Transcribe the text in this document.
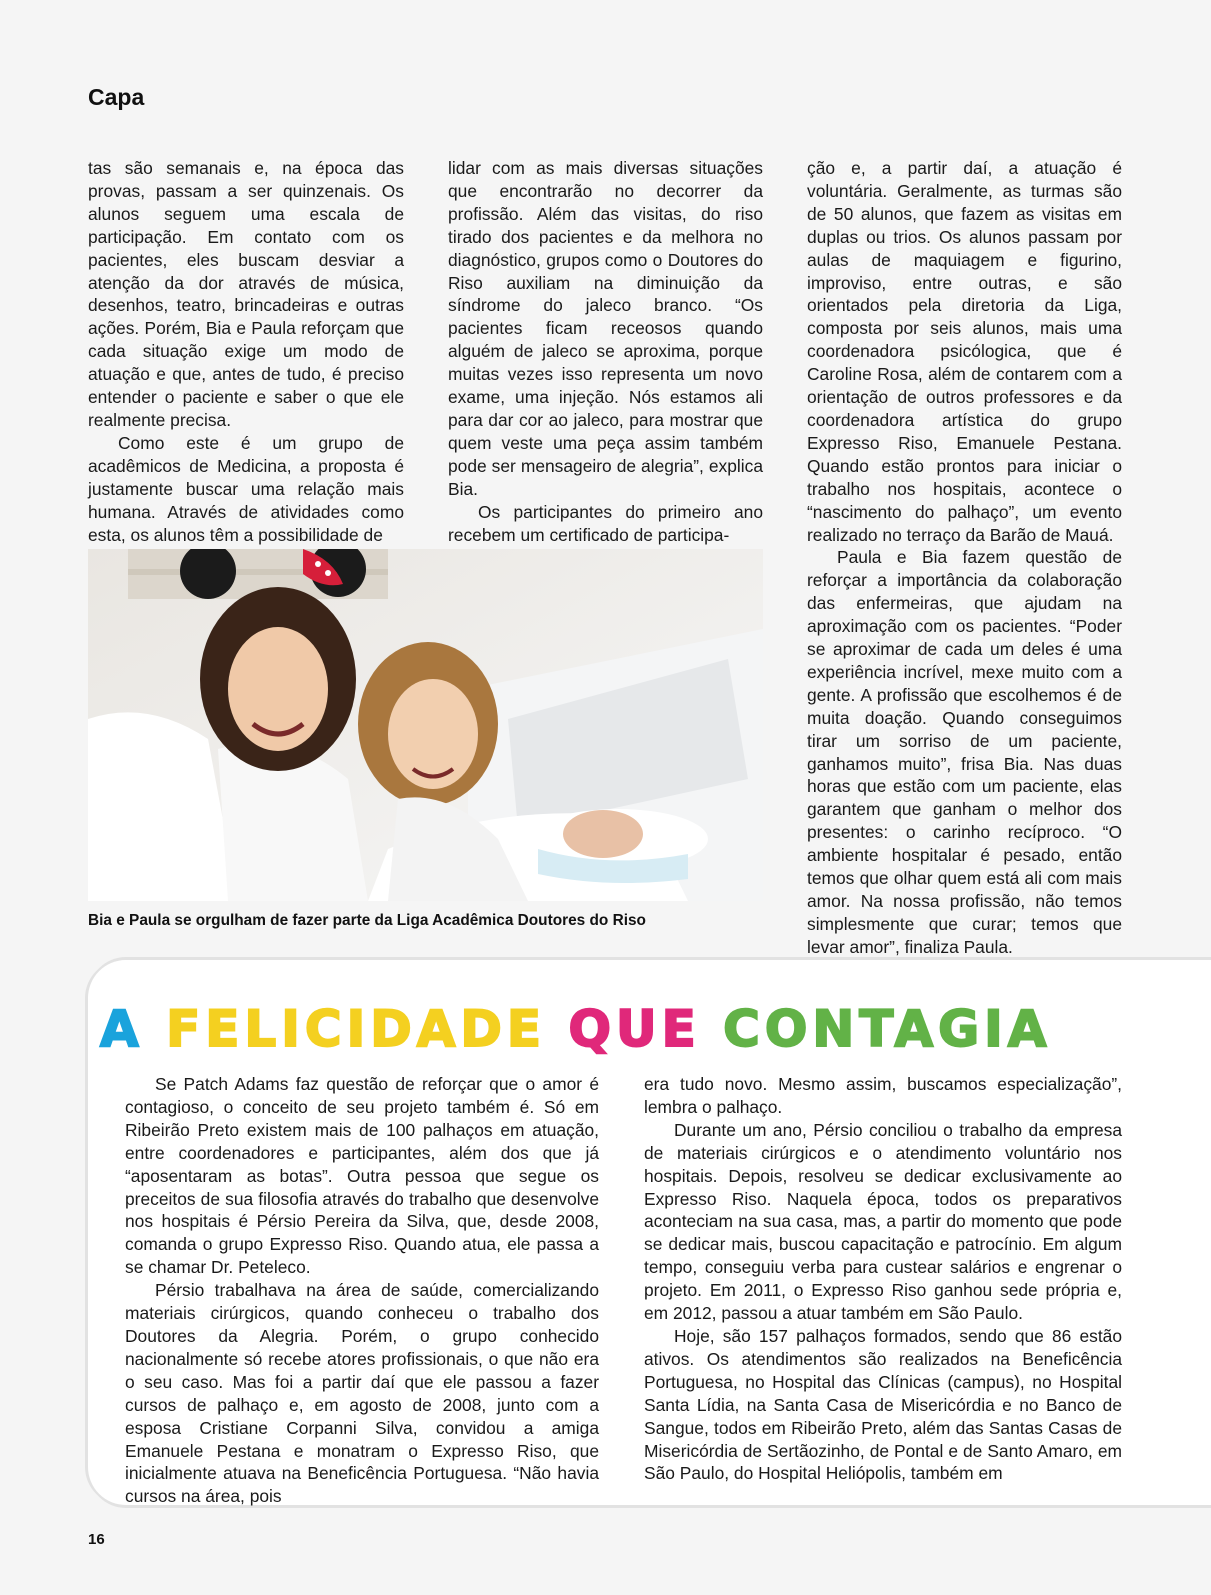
Capa

tas são semanais e, na época das provas, passam a ser quinzenais. Os alunos seguem uma escala de participação. Em contato com os pacientes, eles buscam desviar a atenção da dor através de música, desenhos, teatro, brincadeiras e outras ações. Porém, Bia e Paula reforçam que cada situação exige um modo de atuação e que, antes de tudo, é preciso entender o paciente e saber o que ele realmente precisa.

Como este é um grupo de acadêmicos de Medicina, a proposta é justamente buscar uma relação mais humana. Através de atividades como esta, os alunos têm a possibilidade de

lidar com as mais diversas situações que encontrarão no decorrer da profissão. Além das visitas, do riso tirado dos pacientes e da melhora no diagnóstico, grupos como o Doutores do Riso auxiliam na diminuição da síndrome do jaleco branco. “Os pacientes ficam receosos quando alguém de jaleco se aproxima, porque muitas vezes isso representa um novo exame, uma injeção. Nós estamos ali para dar cor ao jaleco, para mostrar que quem veste uma peça assim também pode ser mensageiro de alegria”, explica Bia.

Os participantes do primeiro ano recebem um certificado de participa-

ção e, a partir daí, a atuação é voluntária. Geralmente, as turmas são de 50 alunos, que fazem as visitas em duplas ou trios. Os alunos passam por aulas de maquiagem e figurino, improviso, entre outras, e são orientados pela diretoria da Liga, composta por seis alunos, mais uma coordenadora psicólogica, que é Caroline Rosa, além de contarem com a orientação de outros professores e da coordenadora artística do grupo Expresso Riso, Emanuele Pestana. Quando estão prontos para iniciar o trabalho nos hospitais, acontece o “nascimento do palhaço”, um evento realizado no terraço da Barão de Mauá.

Paula e Bia fazem questão de reforçar a importância da colaboração das enfermeiras, que ajudam na aproximação com os pacientes. “Poder se aproximar de cada um deles é uma experiência incrível, mexe muito com a gente. A profissão que escolhemos é de muita doação. Quando conseguimos tirar um sorriso de um paciente, ganhamos muito”, frisa Bia. Nas duas horas que estão com um paciente, elas garantem que ganham o melhor dos presentes: o carinho recíproco. “O ambiente hospitalar é pesado, então temos que olhar quem está ali com mais amor. Na nossa profissão, não temos simplesmente que curar; temos que levar amor”, finaliza Paula.

Bia e Paula se orgulham de fazer parte da Liga Acadêmica Doutores do Riso
A FELICIDADE QUE CONTAGIA

Se Patch Adams faz questão de reforçar que o amor é contagioso, o conceito de seu projeto também é. Só em Ribeirão Preto existem mais de 100 palhaços em atuação, entre coordenadores e participantes, além dos que já “aposentaram as botas”. Outra pessoa que segue os preceitos de sua filosofia através do trabalho que desenvolve nos hospitais é Pérsio Pereira da Silva, que, desde 2008, comanda o grupo Expresso Riso. Quando atua, ele passa a se chamar Dr. Peteleco.

Pérsio trabalhava na área de saúde, comercializando materiais cirúrgicos, quando conheceu o trabalho dos Doutores da Alegria. Porém, o grupo conhecido nacionalmente só recebe atores profissionais, o que não era o seu caso. Mas foi a partir daí que ele passou a fazer cursos de palhaço e, em agosto de 2008, junto com a esposa Cristiane Corpanni Silva, convidou a amiga Emanuele Pestana e monatram o Expresso Riso, que inicialmente atuava na Beneficência Portuguesa. “Não havia cursos na área, pois

era tudo novo. Mesmo assim, buscamos especialização”, lembra o palhaço.

Durante um ano, Pérsio conciliou o trabalho da empresa de materiais cirúrgicos e o atendimento voluntário nos hospitais. Depois, resolveu se dedicar exclusivamente ao Expresso Riso. Naquela época, todos os preparativos aconteciam na sua casa, mas, a partir do momento que pode se dedicar mais, buscou capacitação e patrocínio. Em algum tempo, conseguiu verba para custear salários e engrenar o projeto. Em 2011, o Expresso Riso ganhou sede própria e, em 2012, passou a atuar também em São Paulo.

Hoje, são 157 palhaços formados, sendo que 86 estão ativos. Os atendimentos são realizados na Beneficência Portuguesa, no Hospital das Clínicas (campus), no Hospital Santa Lídia, na Santa Casa de Misericórdia e no Banco de Sangue, todos em Ribeirão Preto, além das Santas Casas de Misericórdia de Sertãozinho, de Pontal e de Santo Amaro, em São Paulo, do Hospital Heliópolis, também em

16
